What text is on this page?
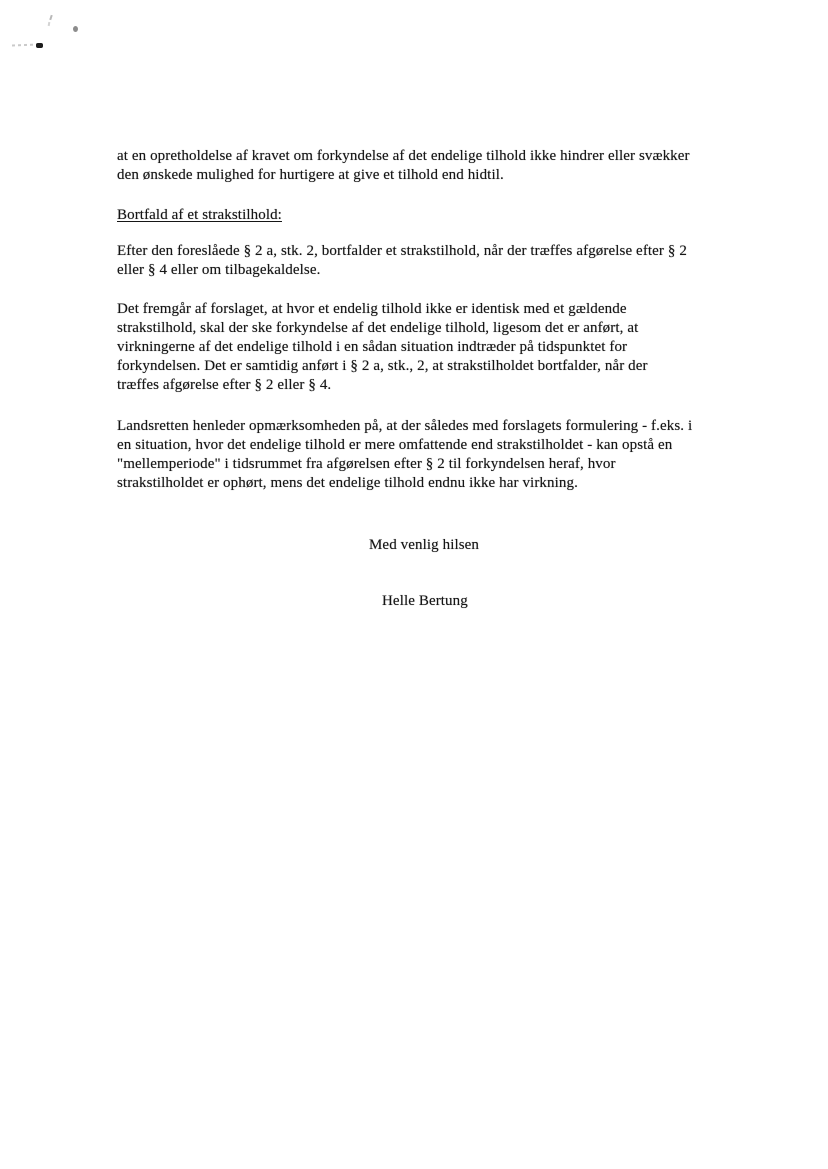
at en opretholdelse af kravet om forkyndelse af det endelige tilhold ikke hindrer eller svækker
den ønskede mulighed for hurtigere at give et tilhold end hidtil.
Bortfald af et strakstilhold:
Efter den foreslåede § 2 a, stk. 2, bortfalder et strakstilhold, når der træffes afgørelse efter § 2
eller § 4 eller om tilbagekaldelse.
Det fremgår af forslaget, at hvor et endelig tilhold ikke er identisk med et gældende
strakstilhold, skal der ske forkyndelse af det endelige tilhold, ligesom det er anført, at
virkningerne af det endelige tilhold i en sådan situation indtræder på tidspunktet for
forkyndelsen. Det er samtidig anført i § 2 a, stk., 2, at strakstilholdet bortfalder, når der
træffes afgørelse efter § 2 eller § 4.
Landsretten henleder opmærksomheden på, at der således med forslagets formulering - f.eks. i
en situation, hvor det endelige tilhold er mere omfattende end strakstilholdet - kan opstå en
"mellemperiode" i tidsrummet fra afgørelsen efter § 2 til forkyndelsen heraf, hvor
strakstilholdet er ophørt, mens det endelige tilhold endnu ikke har virkning.
Med venlig hilsen
Helle Bertung
